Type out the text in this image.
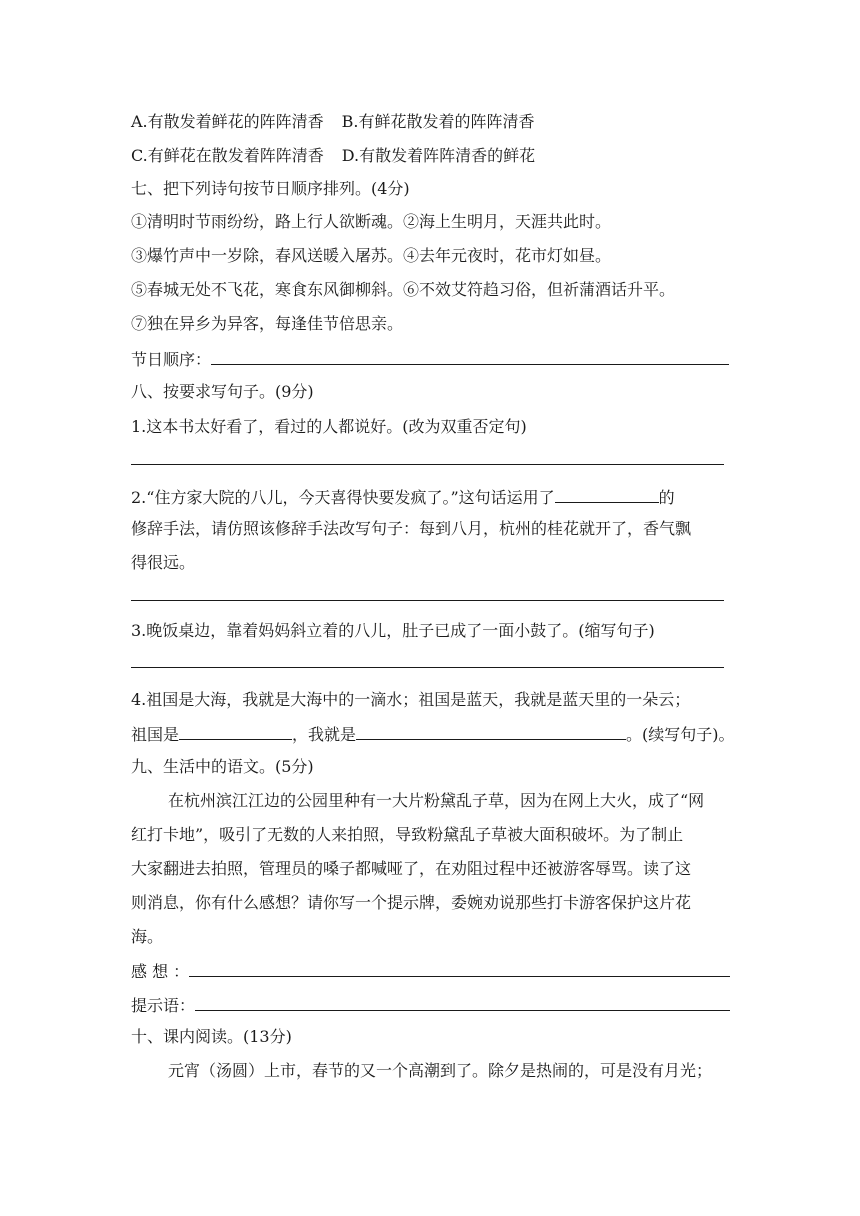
A.有散发着鲜花的阵阵清香 B.有鲜花散发着的阵阵清香
C.有鲜花在散发着阵阵清香 D.有散发着阵阵清香的鲜花
七、把下列诗句按节日顺序排列。(4分)
①清明时节雨纷纷，路上行人欲断魂。②海上生明月，天涯共此时。
③爆竹声中一岁除，春风送暖入屠苏。④去年元夜时，花市灯如昼。
⑤春城无处不飞花，寒食东风御柳斜。⑥不效艾符趋习俗，但祈蒲酒话升平。
⑦独在异乡为异客，每逢佳节倍思亲。
节日顺序：
八、按要求写句子。(9分)
1.这本书太好看了，看过的人都说好。(改为双重否定句)
2.“住方家大院的八儿，今天喜得快要发疯了。”这句话运用了	的
修辞手法，请仿照该修辞手法改写句子：每到八月，杭州的桂花就开了，香气飘
得很远。
3.晚饭桌边，靠着妈妈斜立着的八儿，肚子已成了一面小鼓了。(缩写句子)
4.祖国是大海，我就是大海中的一滴水；祖国是蓝天，我就是蓝天里的一朵云；
祖国是	，我就是	。(续写句子)。
九、生活中的语文。(5分)
在杭州滨江江边的公园里种有一大片粉黛乱子草，因为在网上大火，成了“网
红打卡地”，吸引了无数的人来拍照，导致粉黛乱子草被大面积破坏。为了制止
大家翻进去拍照，管理员的嗓子都喊哑了，在劝阻过程中还被游客辱骂。读了这
则消息，你有什么感想？请你写一个提示牌，委婉劝说那些打卡游客保护这片花
海。
感 想 ：
提示语：
十、课内阅读。(13分)
元宵（汤圆）上市，春节的又一个高潮到了。除夕是热闹的，可是没有月光；
